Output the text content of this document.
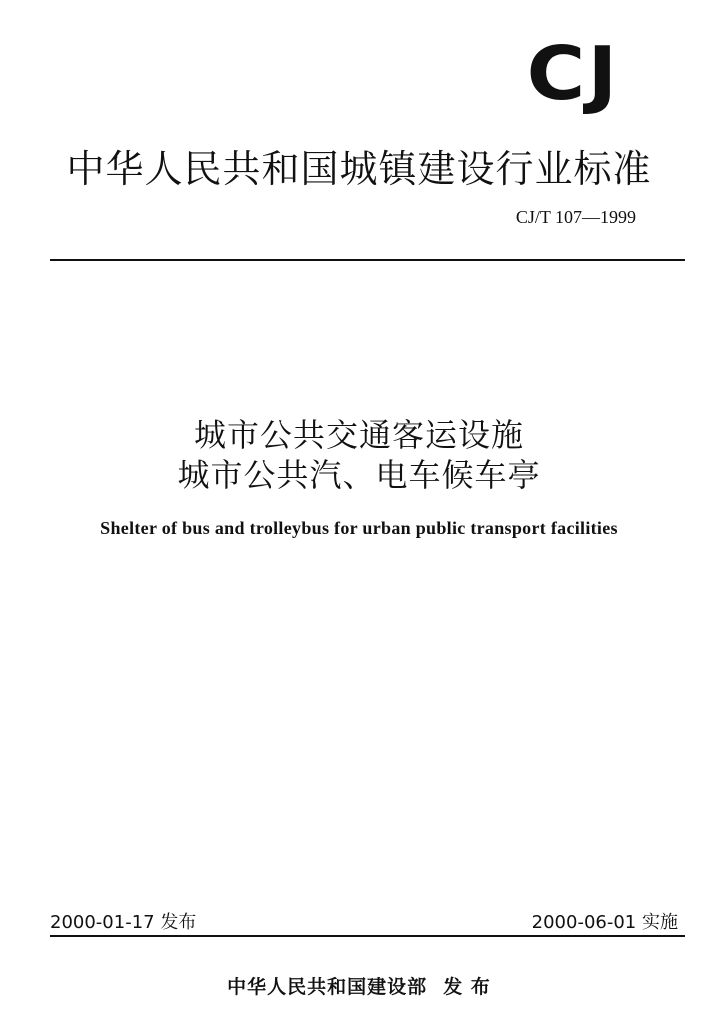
CJ
中华人民共和国城镇建设行业标准
CJ/T 107—1999
城市公共交通客运设施
城市公共汽、电车候车亭
Shelter of bus and trolleybus for urban public transport facilities
2000-01-17 发布	2000-06-01 实施
中华人民共和国建设部 发 布
